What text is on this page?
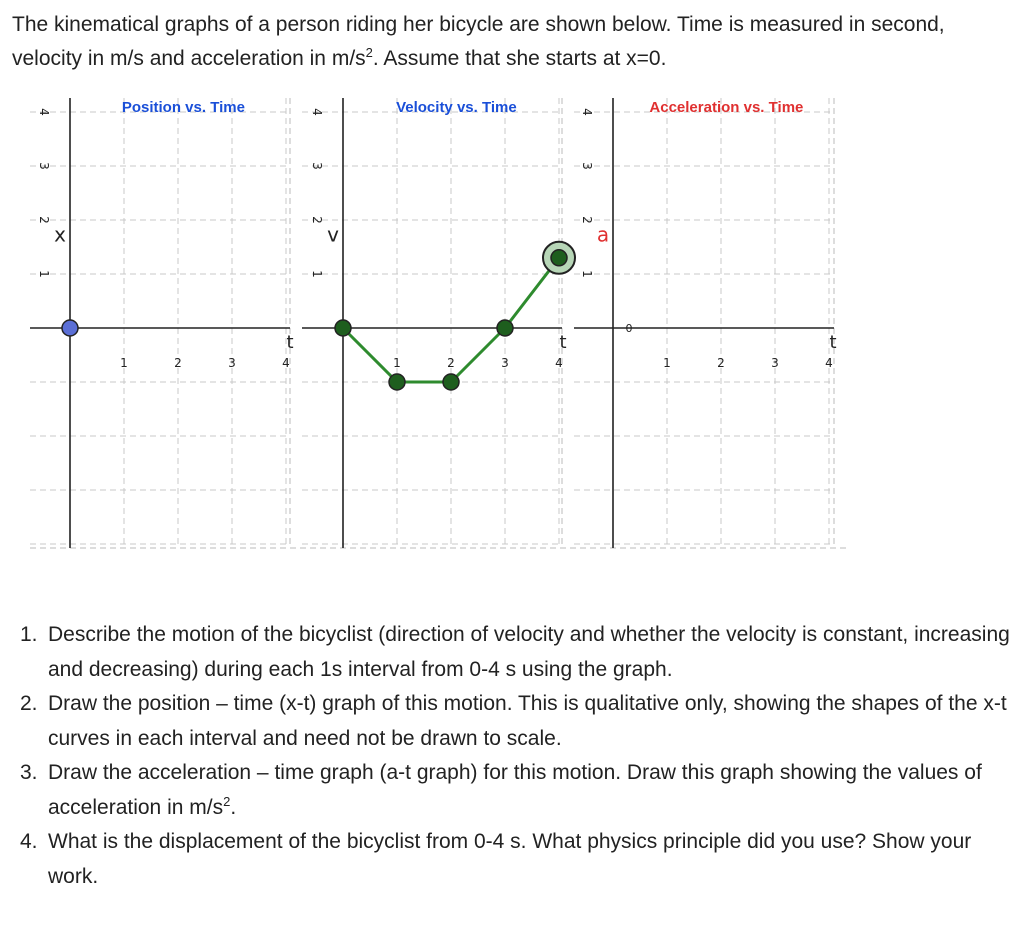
The kinematical graphs of a person riding her bicycle are shown below. Time is measured in second, velocity in m/s and acceleration in $m/s^2$. Assume that she starts at x=0.

Position vs. Time
1	2	3	4
1
2
3
4
x
t
Velocity vs. Time
1	2	3	4
1
2
3
4
v
t
Acceleration vs. Time
1	2	3	4
1
2
3
4
a
t
0
1. Describe the motion of the bicyclist (direction of velocity and whether the velocity is constant, increasing and decreasing) during each 1s interval from 0-4 s using the graph.
2. Draw the position – time (x-t) graph of this motion. This is qualitative only, showing the shapes of the x-t curves in each interval and need not be drawn to scale.
3. Draw the acceleration – time graph (a-t graph) for this motion. Draw this graph showing the values of acceleration in $m/s^2$.
4. What is the displacement of the bicyclist from 0-4 s. What physics principle did you use? Show your work.
